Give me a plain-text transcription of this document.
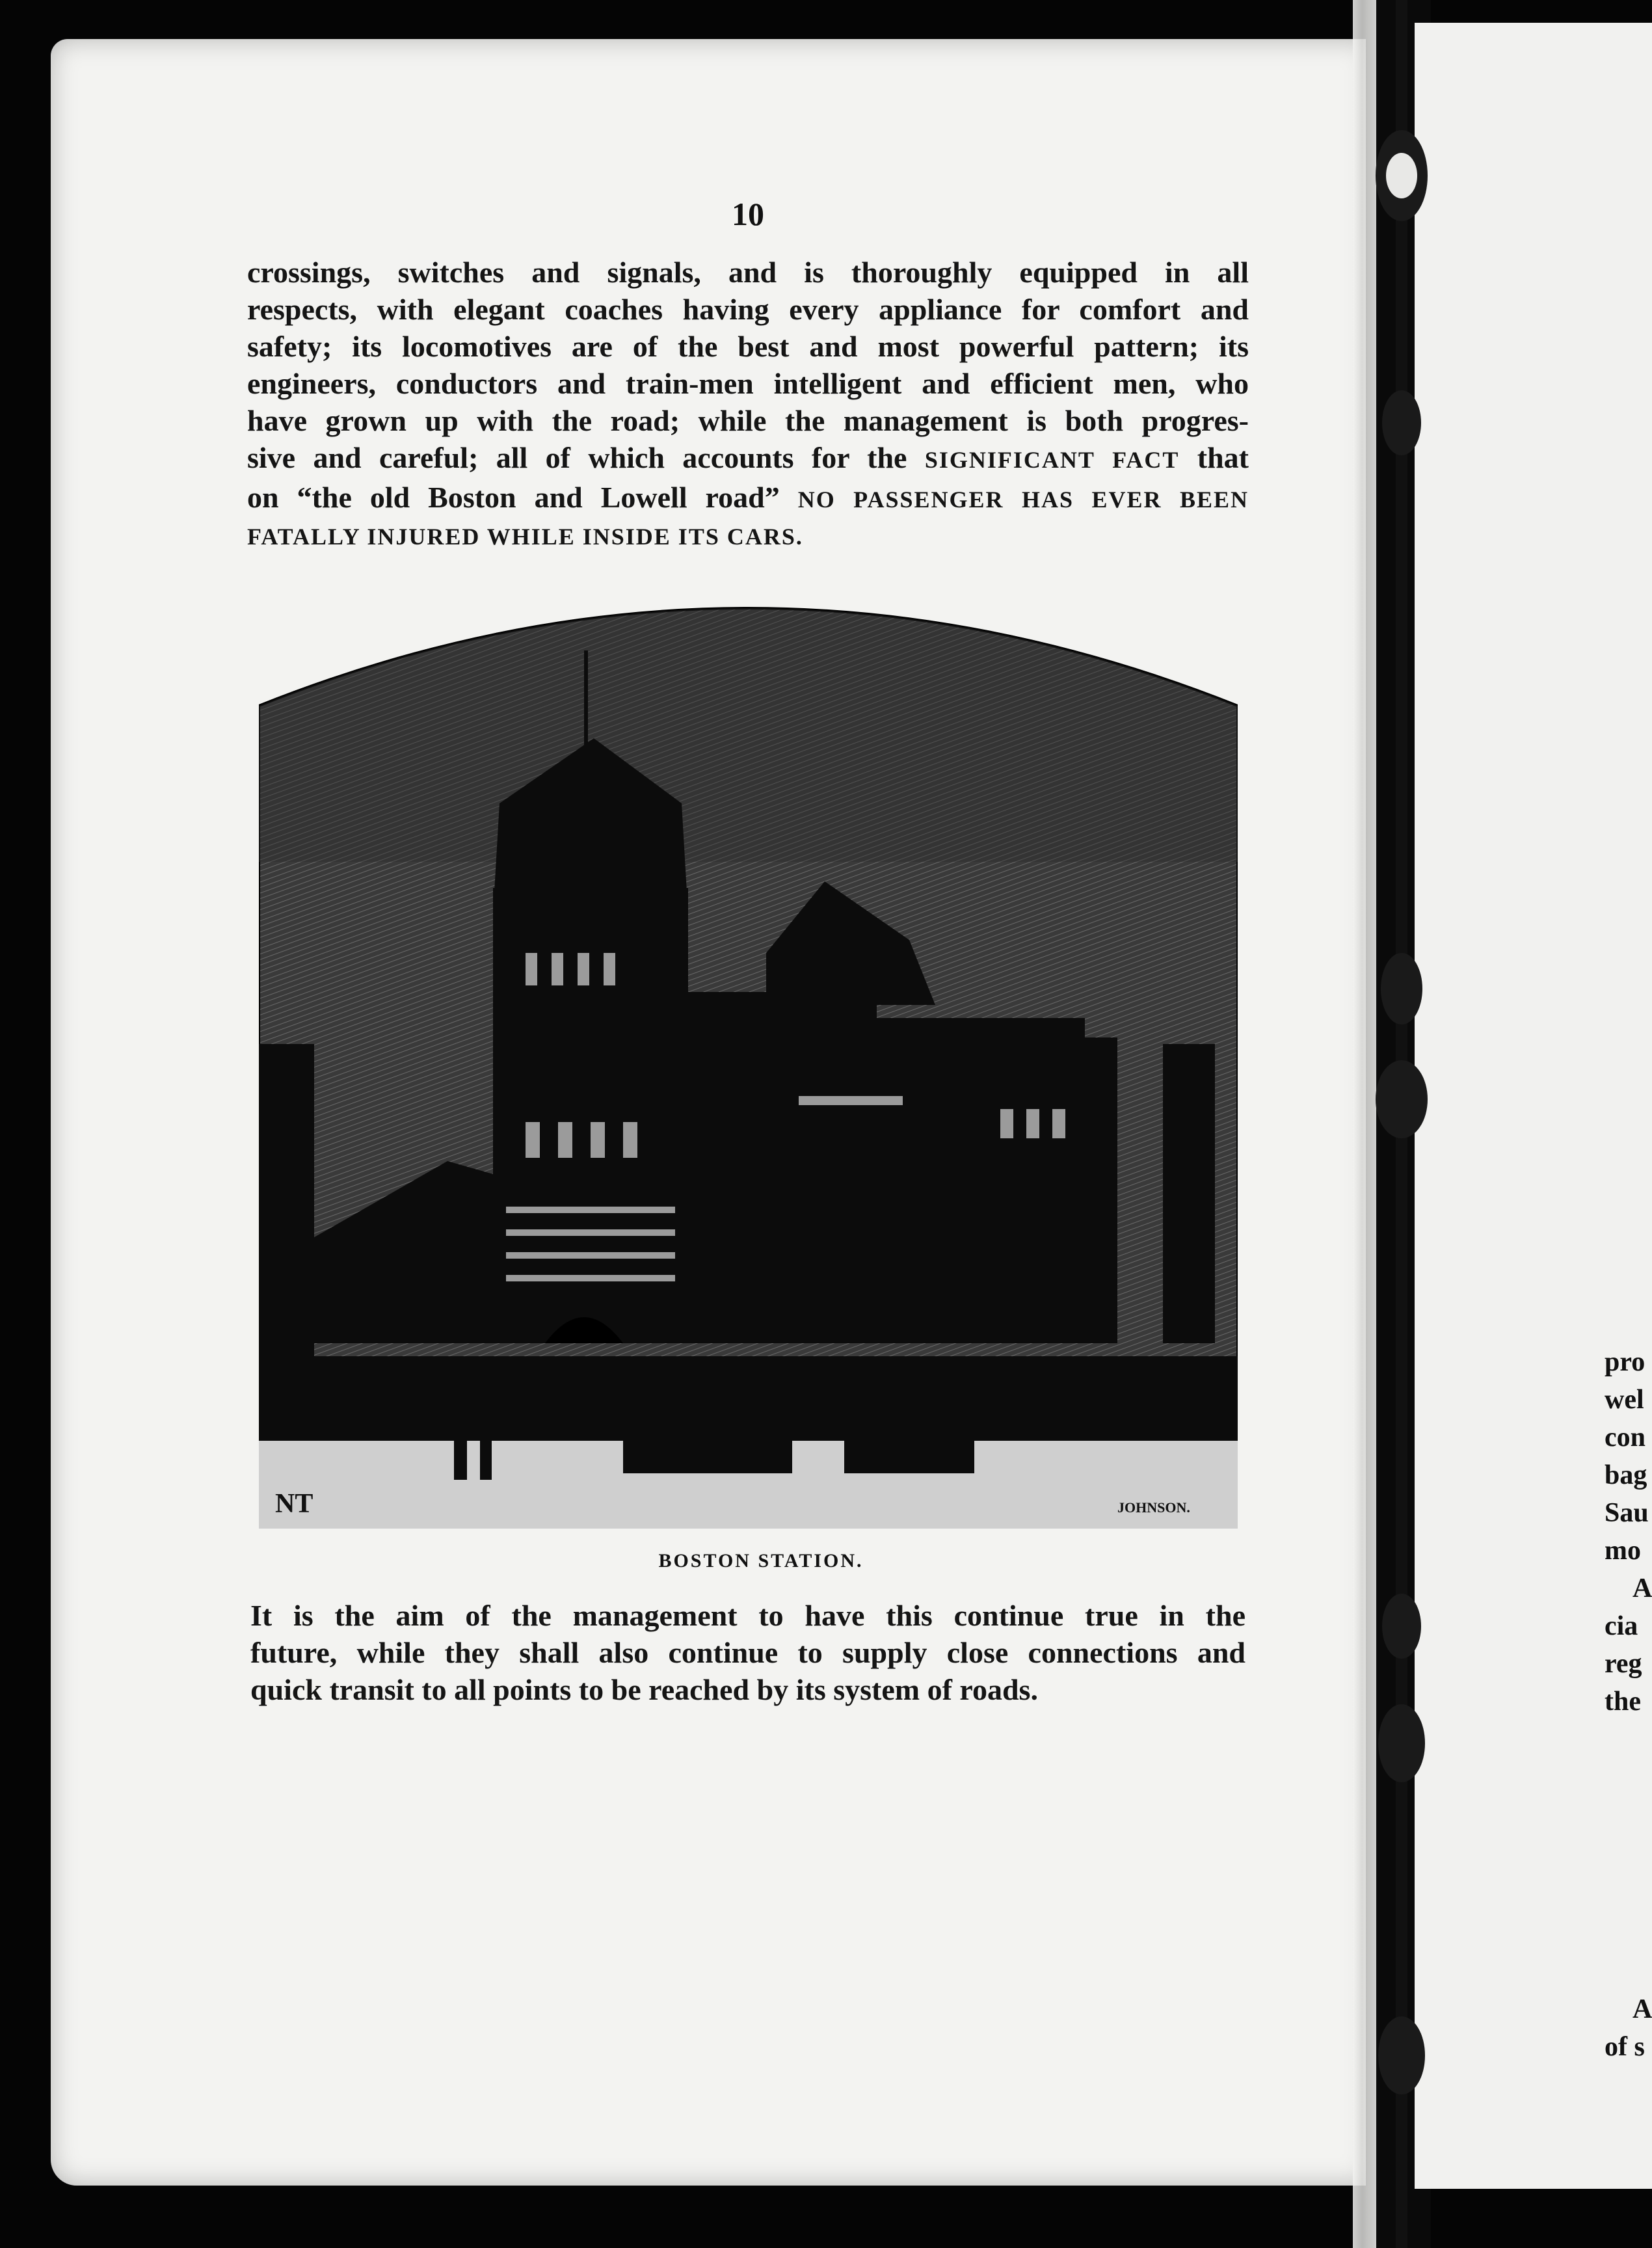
10
crossings, switches and signals, and is thoroughly equipped in all
respects, with elegant coaches having every appliance for comfort and
safety; its locomotives are of the best and most powerful pattern; its
engineers, conductors and train-men intelligent and efficient men, who
have grown up with the road; while the management is both progres-
sive and careful; all of which accounts for the SIGNIFICANT FACT that
on “the old Boston and Lowell road” NO PASSENGER HAS EVER BEEN
FATALLY INJURED WHILE INSIDE ITS CARS.
NT	JOHNSON.
BOSTON STATION.
It is the aim of the management to have this continue true in the
future, while they shall also continue to supply close connections and
quick transit to all points to be reached by its system of roads.
pro
wel
con
bag
Sau
mo
A
cia
reg
the
A
of s
